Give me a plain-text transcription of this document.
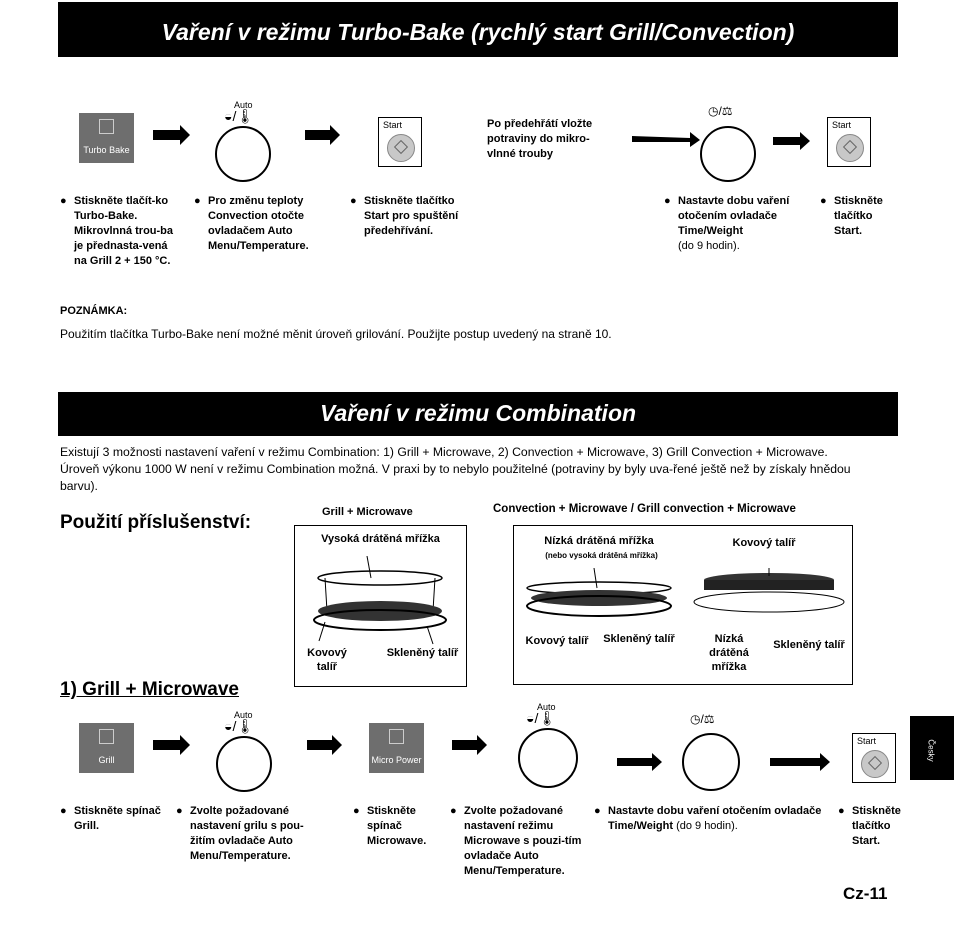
Vaření v režimu Turbo-Bake (rychlý start Grill/Convection)
Turbo Bake
Auto
◒/🌡
Start	Po předehřátí vložte potraviny do mikro-vlnné trouby
◷/⚖
Start
● Stiskněte tlačít-ko Turbo-Bake. Mikrovlnná trou-ba je přednasta-vená na Grill 2 + 150 °C.
● Pro změnu teploty Convection otočte ovladačem Auto Menu/Temperature.
● Stiskněte tlačítko Start pro spuštění předehřívání.
● Nastavte dobu vaření otočením ovladače Time/Weight
(do 9 hodin).
● Stiskněte tlačítko Start.
POZNÁMKA:
Použitím tlačítka Turbo-Bake není možné měnit úroveň grilování. Použijte postup uvedený na straně 10.
Vaření v režimu Combination
Existují 3 možnosti nastavení vaření v režimu Combination: 1) Grill + Microwave, 2) Convection + Microwave, 3) Grill Convection + Microwave. Úroveň výkonu 1000 W není v režimu Combination možná. V praxi by to nebylo použitelné (potraviny by byly uva-řené ještě než by získaly hnědou barvu).
Použití příslušenství:	Grill + Microwave
Vysoká drátěná mřížka
Kovový talíř
Skleněný talíř
Convection + Microwave / Grill convection + Microwave
Nízká drátěná mřížka
(nebo vysoká drátěná mřížka)
Kovový talíř
Kovový talíř	Skleněný talíř	Nízká drátěná mřížka
Skleněný talíř
1) Grill + Microwave
Grill
Auto
◒/🌡
Micro Power
Auto
◒/🌡	◷/⚖
Start
● Stiskněte spínač Grill.
● Zvolte požadované nastavení grilu s pou-žitím ovladače Auto Menu/Temperature.
● Stiskněte spínač Microwave.
● Zvolte požadované nastavení režimu Microwave s pouzi-tím ovladače Auto Menu/Temperature.
● Nastavte dobu vaření otočením ovladače Time/Weight (do 9 hodin).
● Stiskněte tlačítko Start.
Česky
Cz-11
